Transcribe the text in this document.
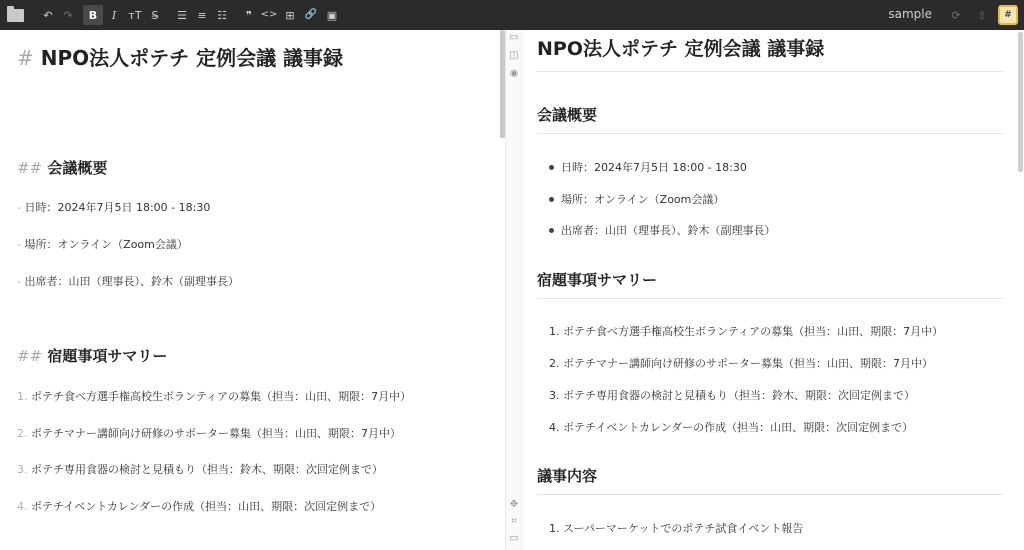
↶ ↷	B	I	ᴛT S̶	☰ ≡ ☷	❞ <> ⊞	🔗 ▣	sample	⟳	⇧	#
# NPO法人ポテチ 定例会議 議事録
## 会議概要
- 日時：2024年7月5日 18:00 - 18:30
- 場所：オンライン（Zoom会議）
- 出席者：山田（理事長）、鈴木（副理事長）
## 宿題事項サマリー
1. ポテチ食べ方選手権高校生ボランティアの募集（担当：山田、期限：7月中）
2. ポテチマナー講師向け研修のサポーター募集（担当：山田、期限：7月中）
3. ポテチ専用食器の検討と見積もり（担当：鈴木、期限：次回定例まで）
4. ポテチイベントカレンダーの作成（担当：山田、期限：次回定例まで）
▭
◫
◉
✥
⌗
▭
NPO法人ポテチ 定例会議 議事録
会議概要
日時：2024年7月5日 18:00 - 18:30
場所：オンライン（Zoom会議）
出席者：山田（理事長）、鈴木（副理事長）
宿題事項サマリー
1. ポテチ食べ方選手権高校生ボランティアの募集（担当：山田、期限：7月中）
2. ポテチマナー講師向け研修のサポーター募集（担当：山田、期限：7月中）
3. ポテチ専用食器の検討と見積もり（担当：鈴木、期限：次回定例まで）
4. ポテチイベントカレンダーの作成（担当：山田、期限：次回定例まで）
議事内容
1. スーパーマーケットでのポテチ試食イベント報告
